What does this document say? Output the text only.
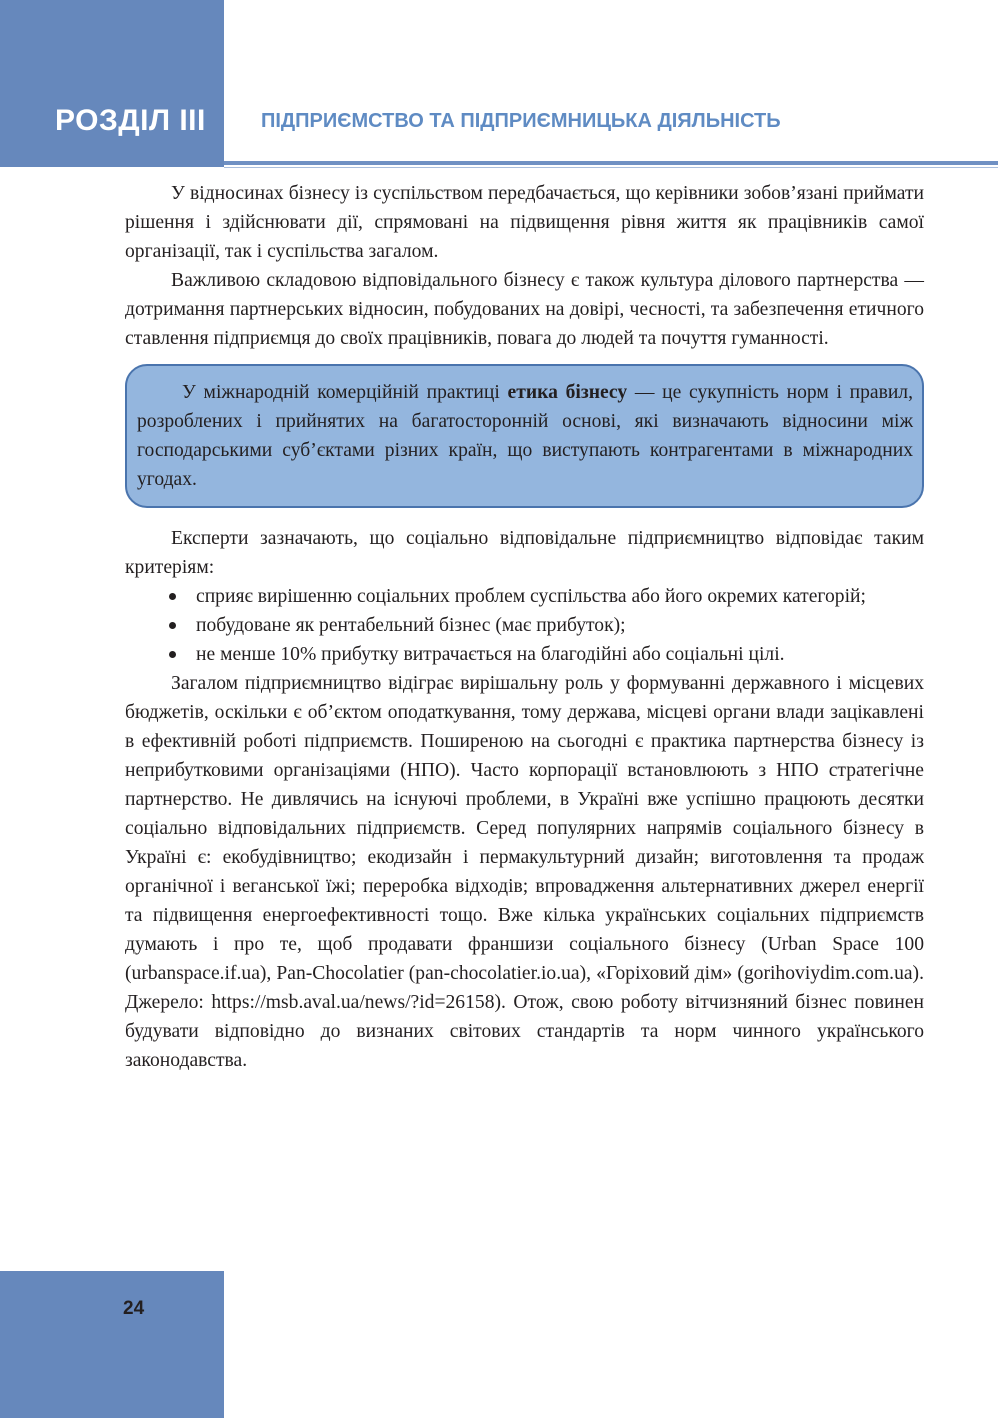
РОЗДІЛ III	ПІДПРИЄМСТВО ТА ПІДПРИЄМНИЦЬКА ДІЯЛЬНІСТЬ

У відносинах бізнесу із суспільством передбачається, що керівники зобов’язані приймати рішення і здійснювати дії, спрямовані на підвищення рівня життя як працівників самої організації, так і суспільства загалом.

Важливою складовою відповідального бізнесу є також культура ділового партнерства — дотримання партнерських відносин, побудованих на довірі, чесності, та забезпечення етичного ставлення підприємця до своїх працівників, повага до людей та почуття гуманності.

У міжнародній комерційній практиці етика бізнесу — це сукупність норм і правил, розроблених і прийнятих на багатосторонній основі, які визначають відносини між господарськими суб’єктами різних країн, що виступають контрагентами в міжнародних угодах.

Експерти зазначають, що соціально відповідальне підприємництво відповідає таким критеріям:

сприяє вирішенню соціальних проблем суспільства або його окремих категорій;
побудоване як рентабельний бізнес (має прибуток);
не менше 10% прибутку витрачається на благодійні або соціальні цілі.

Загалом підприємництво відіграє вирішальну роль у формуванні державного і місцевих бюджетів, оскільки є об’єктом оподаткування, тому держава, місцеві органи влади зацікавлені в ефективній роботі підприємств. Поширеною на сьогодні є практика партнерства бізнесу із неприбутковими організаціями (НПО). Часто корпорації встановлюють з НПО стратегічне партнерство. Не дивлячись на існуючі проблеми, в Україні вже успішно працюють десятки соціально відповідальних підприємств. Серед популярних напрямів соціального бізнесу в Україні є: екобудівництво; екодизайн і пермакультурний дизайн; виготовлення та продаж органічної і веганської їжі; переробка відходів; впровадження альтернативних джерел енергії та підвищення енергоефективності тощо. Вже кілька українських соціальних підприємств думають і про те, щоб продавати франшизи соціального бізнесу (Urban Space 100 (urbanspace.if.ua), Pan-Chocolatier (pan-chocolatier.io.ua), «Горіховий дім» (gorihoviydim.com.ua). Джерело: https://msb.aval.ua/news/?id=26158). Отож, свою роботу вітчизняний бізнес повинен будувати відповідно до визнаних світових стандартів та норм чинного українського законодавства.

24
